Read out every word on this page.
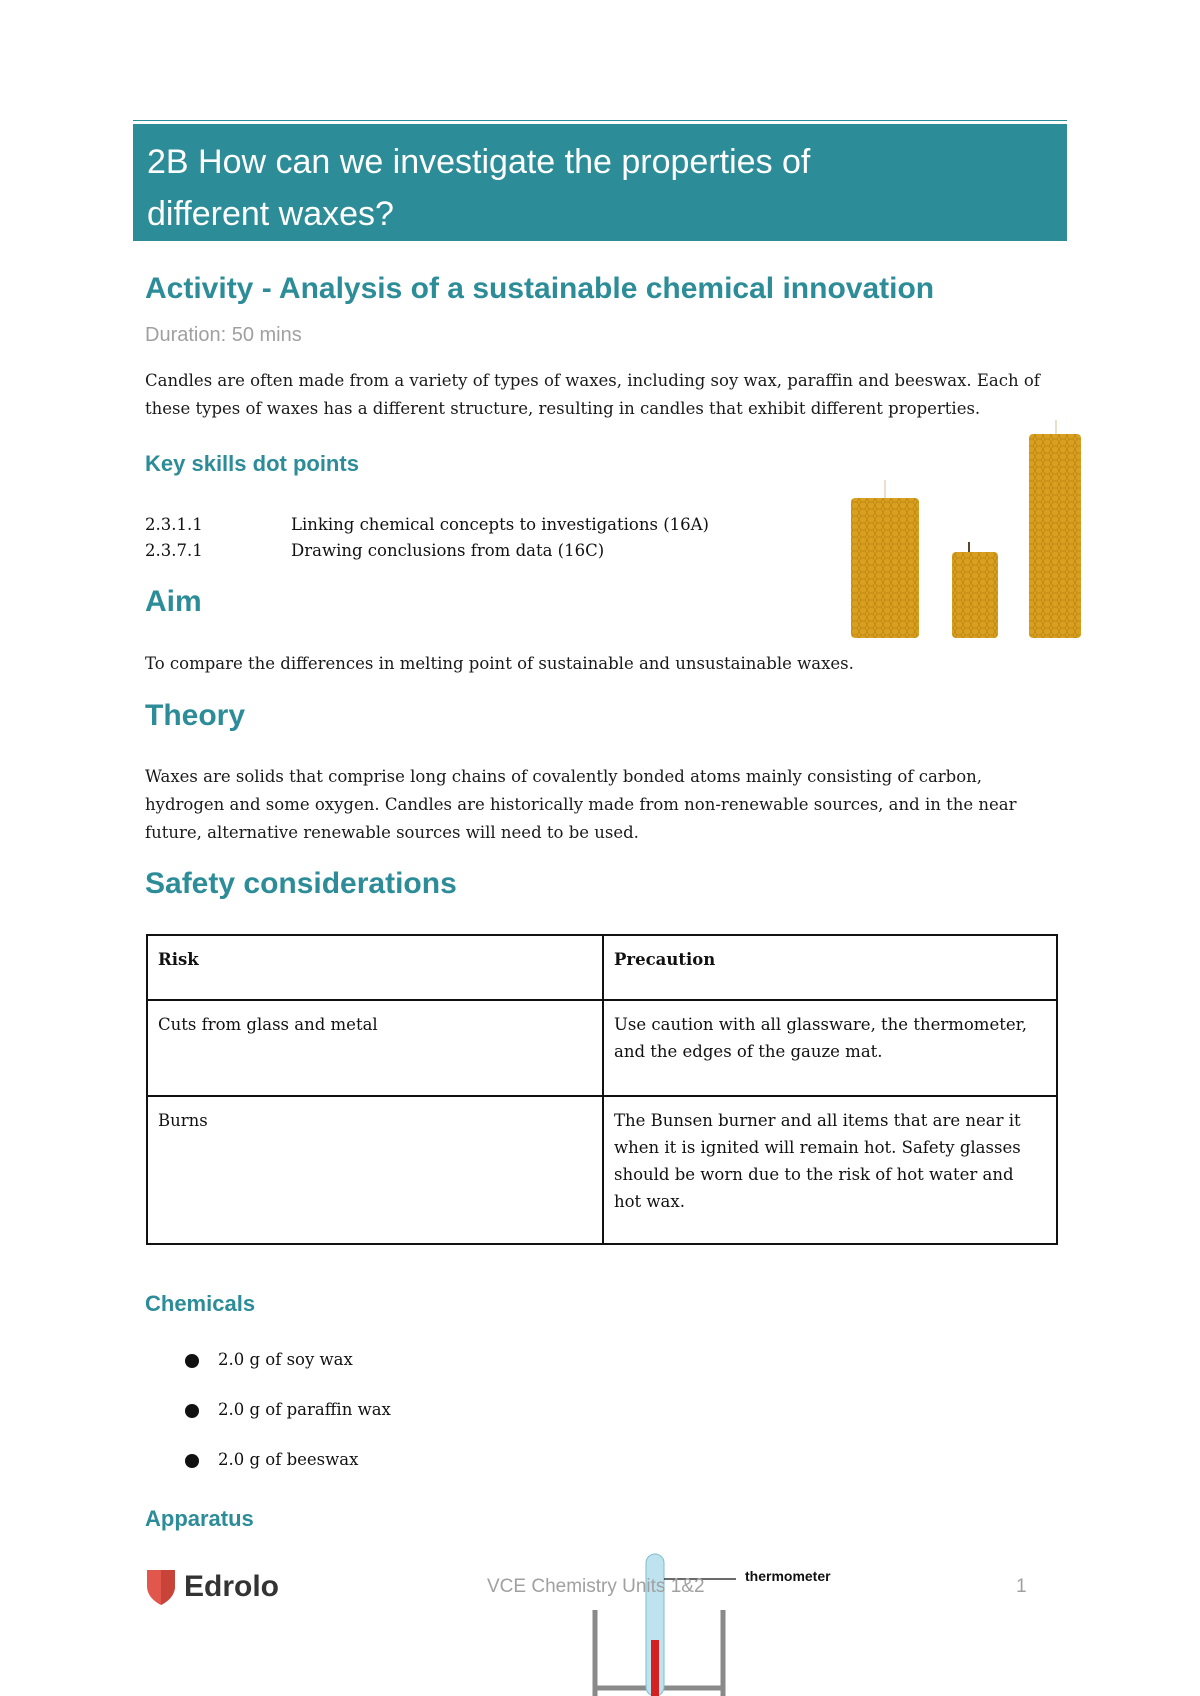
2B How can we investigate the properties of
different waxes?
Activity - Analysis of a sustainable chemical innovation
Duration: 50 mins
Candles are often made from a variety of types of waxes, including soy wax, paraffin and beeswax. Each of
these types of waxes has a different structure, resulting in candles that exhibit different properties.
Key skills dot points
2.3.1.1	Linking chemical concepts to investigations (16A)
2.3.7.1	Drawing conclusions from data (16C)
Aim
To compare the differences in melting point of sustainable and unsustainable waxes.
Theory
Waxes are solids that comprise long chains of covalently bonded atoms mainly consisting of carbon,
hydrogen and some oxygen. Candles are historically made from non-renewable sources, and in the near
future, alternative renewable sources will need to be used.
Safety considerations
Risk	Precaution
Cuts from glass and metal	Use caution with all glassware, the thermometer,
and the edges of the gauze mat.

Burns	The Bunsen burner and all items that are near it
when it is ignited will remain hot. Safety glasses
should be worn due to the risk of hot water and
hot wax.
Chemicals
2.0 g of soy wax
2.0 g of paraffin wax
2.0 g of beeswax
Apparatus
thermometer
Edrolo	VCE Chemistry Units 1&2	1
